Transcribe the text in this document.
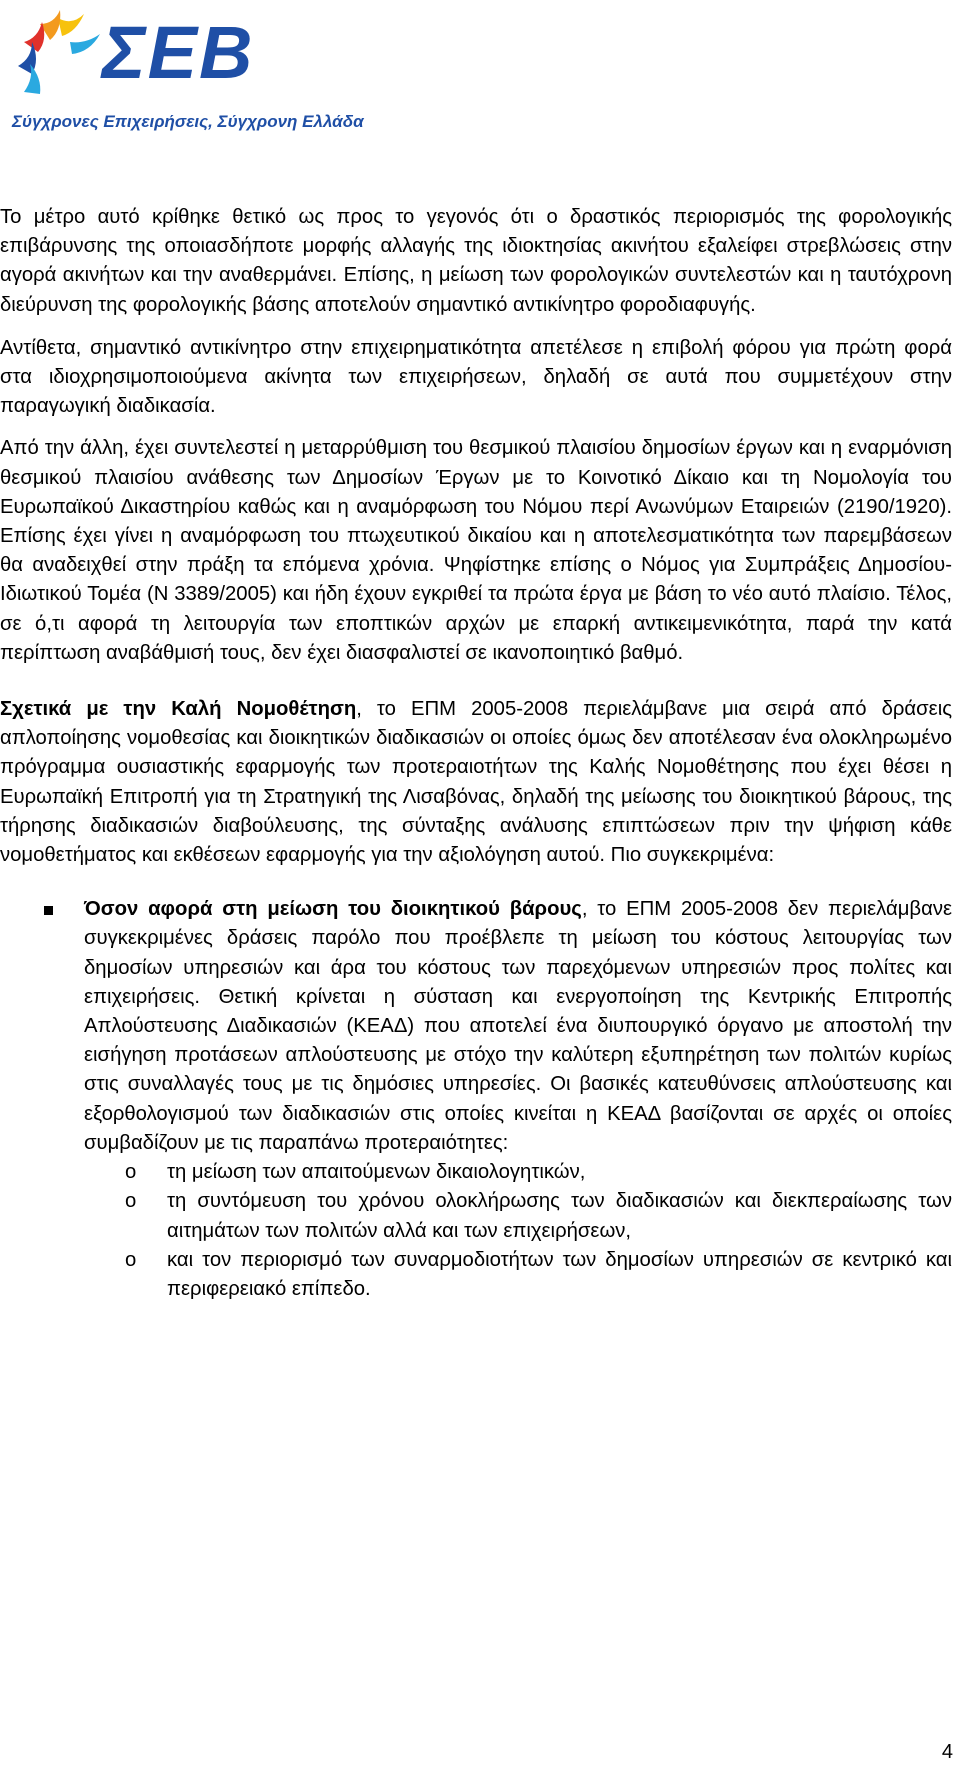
ΣΕΒ
Σύγχρονες Επιχειρήσεις, Σύγχρονη Ελλάδα

Το μέτρο αυτό κρίθηκε θετικό ως προς το γεγονός ότι ο δραστικός περιορισμός της φορολογικής επιβάρυνσης της οποιασδήποτε μορφής αλλαγής της ιδιοκτησίας ακινήτου εξαλείφει στρεβλώσεις στην αγορά ακινήτων και την αναθερμάνει. Επίσης, η μείωση των φορολογικών συντελεστών και η ταυτόχρονη διεύρυνση της φορολογικής βάσης αποτελούν σημαντικό αντικίνητρο φοροδιαφυγής.

Αντίθετα, σημαντικό αντικίνητρο στην επιχειρηματικότητα απετέλεσε η επιβολή φόρου για πρώτη φορά στα ιδιοχρησιμοποιούμενα ακίνητα των επιχειρήσεων, δηλαδή σε αυτά που συμμετέχουν στην παραγωγική διαδικασία.

Από την άλλη, έχει συντελεστεί η μεταρρύθμιση του θεσμικού πλαισίου δημοσίων έργων και η εναρμόνιση θεσμικού πλαισίου ανάθεσης των Δημοσίων Έργων με το Κοινοτικό Δίκαιο και τη Νομολογία του Ευρωπαϊκού Δικαστηρίου καθώς και η αναμόρφωση του Νόμου περί Ανωνύμων Εταιρειών (2190/1920). Επίσης έχει γίνει η αναμόρφωση του πτωχευτικού δικαίου και η αποτελεσματικότητα των παρεμβάσεων θα αναδειχθεί στην πράξη τα επόμενα χρόνια. Ψηφίστηκε επίσης ο Νόμος για Συμπράξεις Δημοσίου-Ιδιωτικού Τομέα (Ν 3389/2005) και ήδη έχουν εγκριθεί τα πρώτα έργα με βάση το νέο αυτό πλαίσιο. Τέλος, σε ό,τι αφορά τη λειτουργία των εποπτικών αρχών με επαρκή αντικειμενικότητα, παρά την κατά περίπτωση αναβάθμισή τους, δεν έχει διασφαλιστεί σε ικανοποιητικό βαθμό.

Σχετικά με την Καλή Νομοθέτηση, το ΕΠΜ 2005-2008 περιελάμβανε μια σειρά από δράσεις απλοποίησης νομοθεσίας και διοικητικών διαδικασιών οι οποίες όμως δεν αποτέλεσαν ένα ολοκληρωμένο πρόγραμμα ουσιαστικής εφαρμογής των προτεραιοτήτων της Καλής Νομοθέτησης που έχει θέσει η Ευρωπαϊκή Επιτροπή για τη Στρατηγική της Λισαβόνας, δηλαδή της μείωσης του διοικητικού βάρους, της τήρησης διαδικασιών διαβούλευσης, της σύνταξης ανάλυσης επιπτώσεων πριν την ψήφιση κάθε νομοθετήματος και εκθέσεων εφαρμογής για την αξιολόγηση αυτού. Πιο συγκεκριμένα:

Όσον αφορά στη μείωση του διοικητικού βάρους, το ΕΠΜ 2005-2008 δεν περιελάμβανε συγκεκριμένες δράσεις παρόλο που προέβλεπε τη μείωση του κόστους λειτουργίας των δημοσίων υπηρεσιών και άρα του κόστους των παρεχόμενων υπηρεσιών προς πολίτες και επιχειρήσεις. Θετική κρίνεται η σύσταση και ενεργοποίηση της Κεντρικής Επιτροπής Απλούστευσης Διαδικασιών (ΚΕΑΔ) που αποτελεί ένα διυπουργικό όργανο με αποστολή την εισήγηση προτάσεων απλούστευσης με στόχο την καλύτερη εξυπηρέτηση των πολιτών κυρίως στις συναλλαγές τους με τις δημόσιες υπηρεσίες. Οι βασικές κατευθύνσεις απλούστευσης και εξορθολογισμού των διαδικασιών στις οποίες κινείται η ΚΕΑΔ βασίζονται σε αρχές οι οποίες συμβαδίζουν με τις παραπάνω προτεραιότητες:

o τη μείωση των απαιτούμενων δικαιολογητικών,
o τη συντόμευση του χρόνου ολοκλήρωσης των διαδικασιών και διεκπεραίωσης των αιτημάτων των πολιτών αλλά και των επιχειρήσεων,
o και τον περιορισμό των συναρμοδιοτήτων των δημοσίων υπηρεσιών σε κεντρικό και περιφερειακό επίπεδο.
4
